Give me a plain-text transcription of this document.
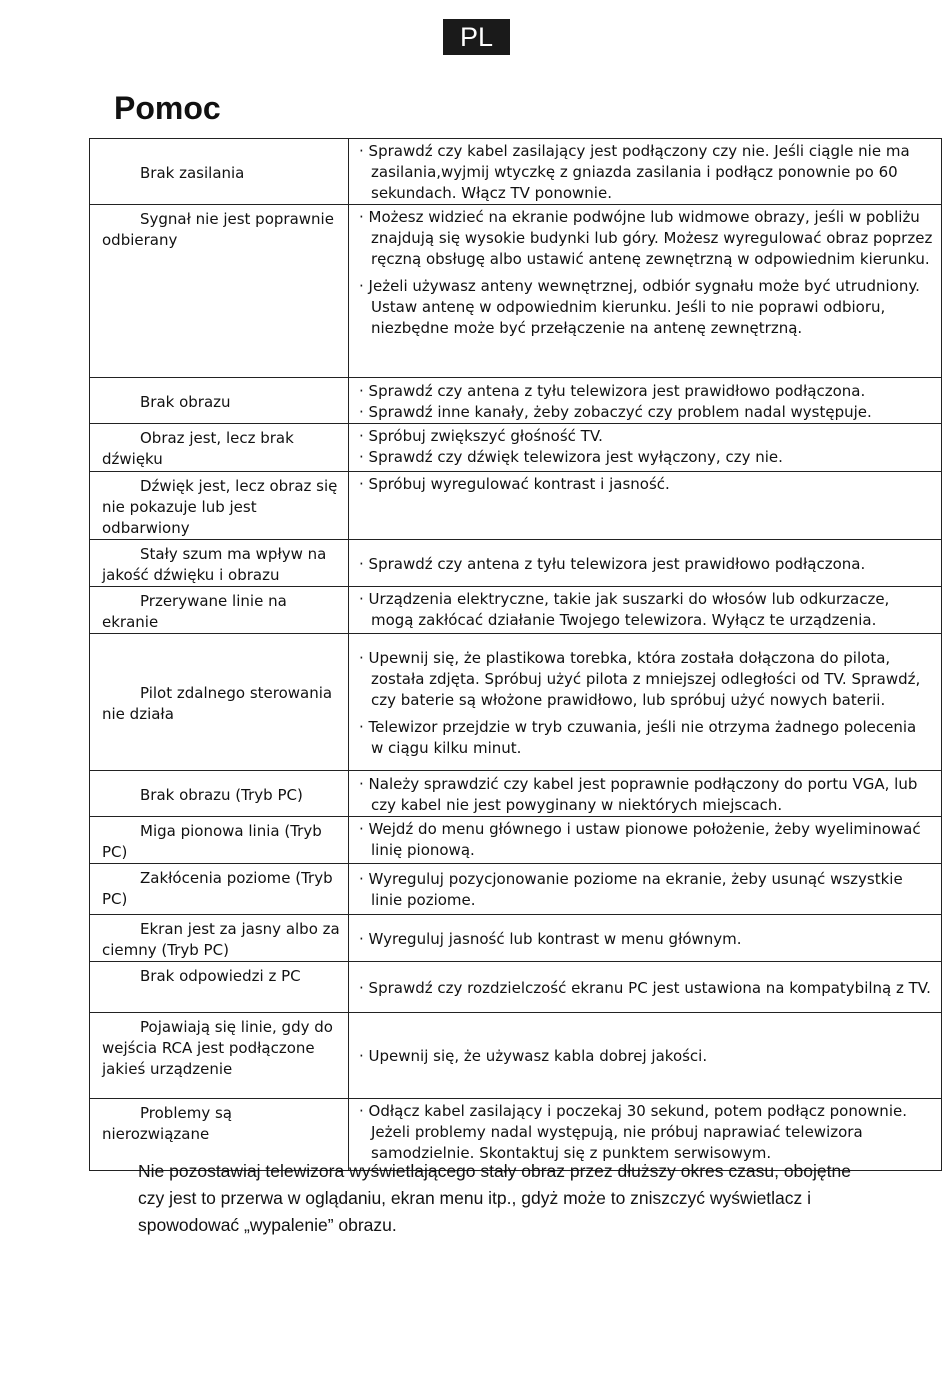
PL
Pomoc
Brak zasilania	· Sprawdź czy kabel zasilający jest podłączony czy nie. Jeśli ciągle nie ma zasilania,wyjmij wtyczkę z gniazda zasilania i podłącz ponownie po 60 sekundach. Włącz TV ponownie.

Sygnał nie jest poprawnie odbierany	· Możesz widzieć na ekranie podwójne lub widmowe obrazy, jeśli w pobliżu znajdują się wysokie budynki lub góry. Możesz wyregulować obraz poprzez ręczną obsługę albo ustawić antenę zewnętrzną w odpowiednim kierunku.
· Jeżeli używasz anteny wewnętrznej, odbiór sygnału może być utrudniony. Ustaw antenę w odpowiednim kierunku. Jeśli to nie poprawi odbioru, niezbędne może być przełączenie na antenę zewnętrzną.

Brak obrazu	· Sprawdź czy antena z tyłu telewizora jest prawidłowo podłączona.
· Sprawdź inne kanały, żeby zobaczyć czy problem nadal występuje.

Obraz jest, lecz brak dźwięku	· Spróbuj zwiększyć głośność TV.
· Sprawdź czy dźwięk telewizora jest wyłączony, czy nie.

Dźwięk jest, lecz obraz się nie pokazuje lub jest odbarwiony	· Spróbuj wyregulować kontrast i jasność.

Stały szum ma wpływ na jakość dźwięku i obrazu	· Sprawdź czy antena z tyłu telewizora jest prawidłowo podłączona.

Przerywane linie na ekranie	· Urządzenia elektryczne, takie jak suszarki do włosów lub odkurzacze, mogą zakłócać działanie Twojego telewizora. Wyłącz te urządzenia.

Pilot zdalnego sterowania nie działa	· Upewnij się, że plastikowa torebka, która została dołączona do pilota, została zdjęta. Spróbuj użyć pilota z mniejszej odległości od TV. Sprawdź, czy baterie są włożone prawidłowo, lub spróbuj użyć nowych baterii.
· Telewizor przejdzie w tryb czuwania, jeśli nie otrzyma żadnego polecenia w ciągu kilku minut.

Brak obrazu (Tryb PC)	· Należy sprawdzić czy kabel jest poprawnie podłączony do portu VGA, lub czy kabel nie jest powyginany w niektórych miejscach.

Miga pionowa linia (Tryb PC)	· Wejdź do menu głównego i ustaw pionowe położenie, żeby wyeliminować linię pionową.

Zakłócenia poziome (Tryb PC)	· Wyreguluj pozycjonowanie poziome na ekranie, żeby usunąć wszystkie linie poziome.

Ekran jest za jasny albo za ciemny (Tryb PC)	· Wyreguluj jasność lub kontrast w menu głównym.

Brak odpowiedzi z PC	· Sprawdź czy rozdzielczość ekranu PC jest ustawiona na kompatybilną z TV.

Pojawiają się linie, gdy do wejścia RCA jest podłączone jakieś urządzenie	· Upewnij się, że używasz kabla dobrej jakości.

Problemy są nierozwiązane	· Odłącz kabel zasilający i poczekaj 30 sekund, potem podłącz ponownie. Jeżeli problemy nadal występują, nie próbuj naprawiać telewizora samodzielnie. Skontaktuj się z punktem serwisowym.
Nie pozostawiaj telewizora wyświetlającego stały obraz przez dłuższy okres czasu, obojętne czy jest to przerwa w oglądaniu, ekran menu itp., gdyż może to zniszczyć wyświetlacz i spowodować „wypalenie” obrazu.
